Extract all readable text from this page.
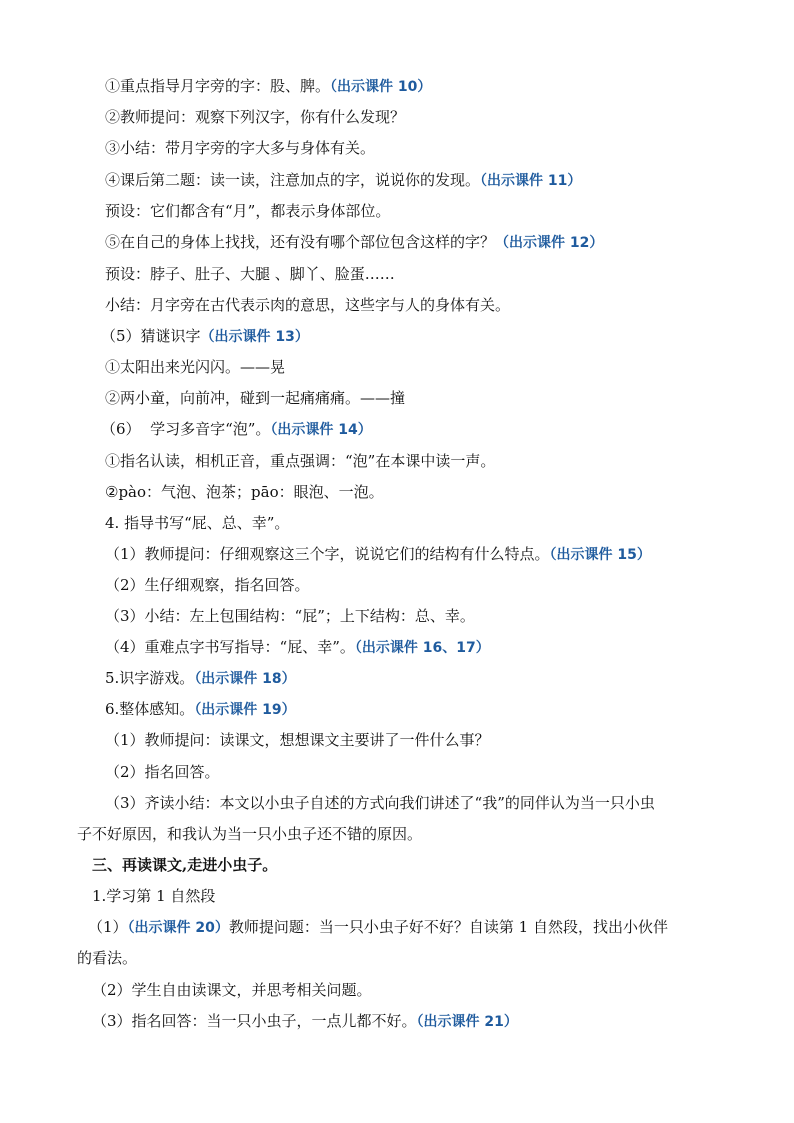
①重点指导月字旁的字：股、脾。（出示课件 10）
②教师提问：观察下列汉字，你有什么发现？
③小结：带月字旁的字大多与身体有关。
④课后第二题：读一读，注意加点的字，说说你的发现。（出示课件 11）
预设：它们都含有“月”，都表示身体部位。
⑤在自己的身体上找找，还有没有哪个部位包含这样的字？（出示课件 12）
预设：脖子、肚子、大腿 、脚丫、脸蛋……
小结：月字旁在古代表示肉的意思，这些字与人的身体有关。
（5）猜谜识字（出示课件 13）
①太阳出来光闪闪。——晃
②两小童，向前冲，碰到一起痛痛痛。——撞
（6）  学习多音字“泡”。（出示课件 14）
①指名认读，相机正音，重点强调：“泡”在本课中读一声。
②pào：气泡、泡茶；pāo：眼泡、一泡。
4. 指导书写“屁、总、幸”。
（1）教师提问：仔细观察这三个字，说说它们的结构有什么特点。（出示课件 15）
（2）生仔细观察，指名回答。
（3）小结：左上包围结构：“屁”；上下结构：总、幸。
（4）重难点字书写指导：“屁、幸”。（出示课件 16、17）
5.识字游戏。（出示课件 18）
6.整体感知。（出示课件 19）
（1）教师提问：读课文，想想课文主要讲了一件什么事？
（2）指名回答。
（3）齐读小结：本文以小虫子自述的方式向我们讲述了“我”的同伴认为当一只小虫
子不好原因，和我认为当一只小虫子还不错的原因。
三、再读课文,走进小虫子。
1.学习第 1 自然段
（1）（出示课件 20）教师提问题：当一只小虫子好不好？自读第 1 自然段，找出小伙伴
的看法。
（2）学生自由读课文，并思考相关问题。
（3）指名回答：当一只小虫子，一点儿都不好。（出示课件 21）
